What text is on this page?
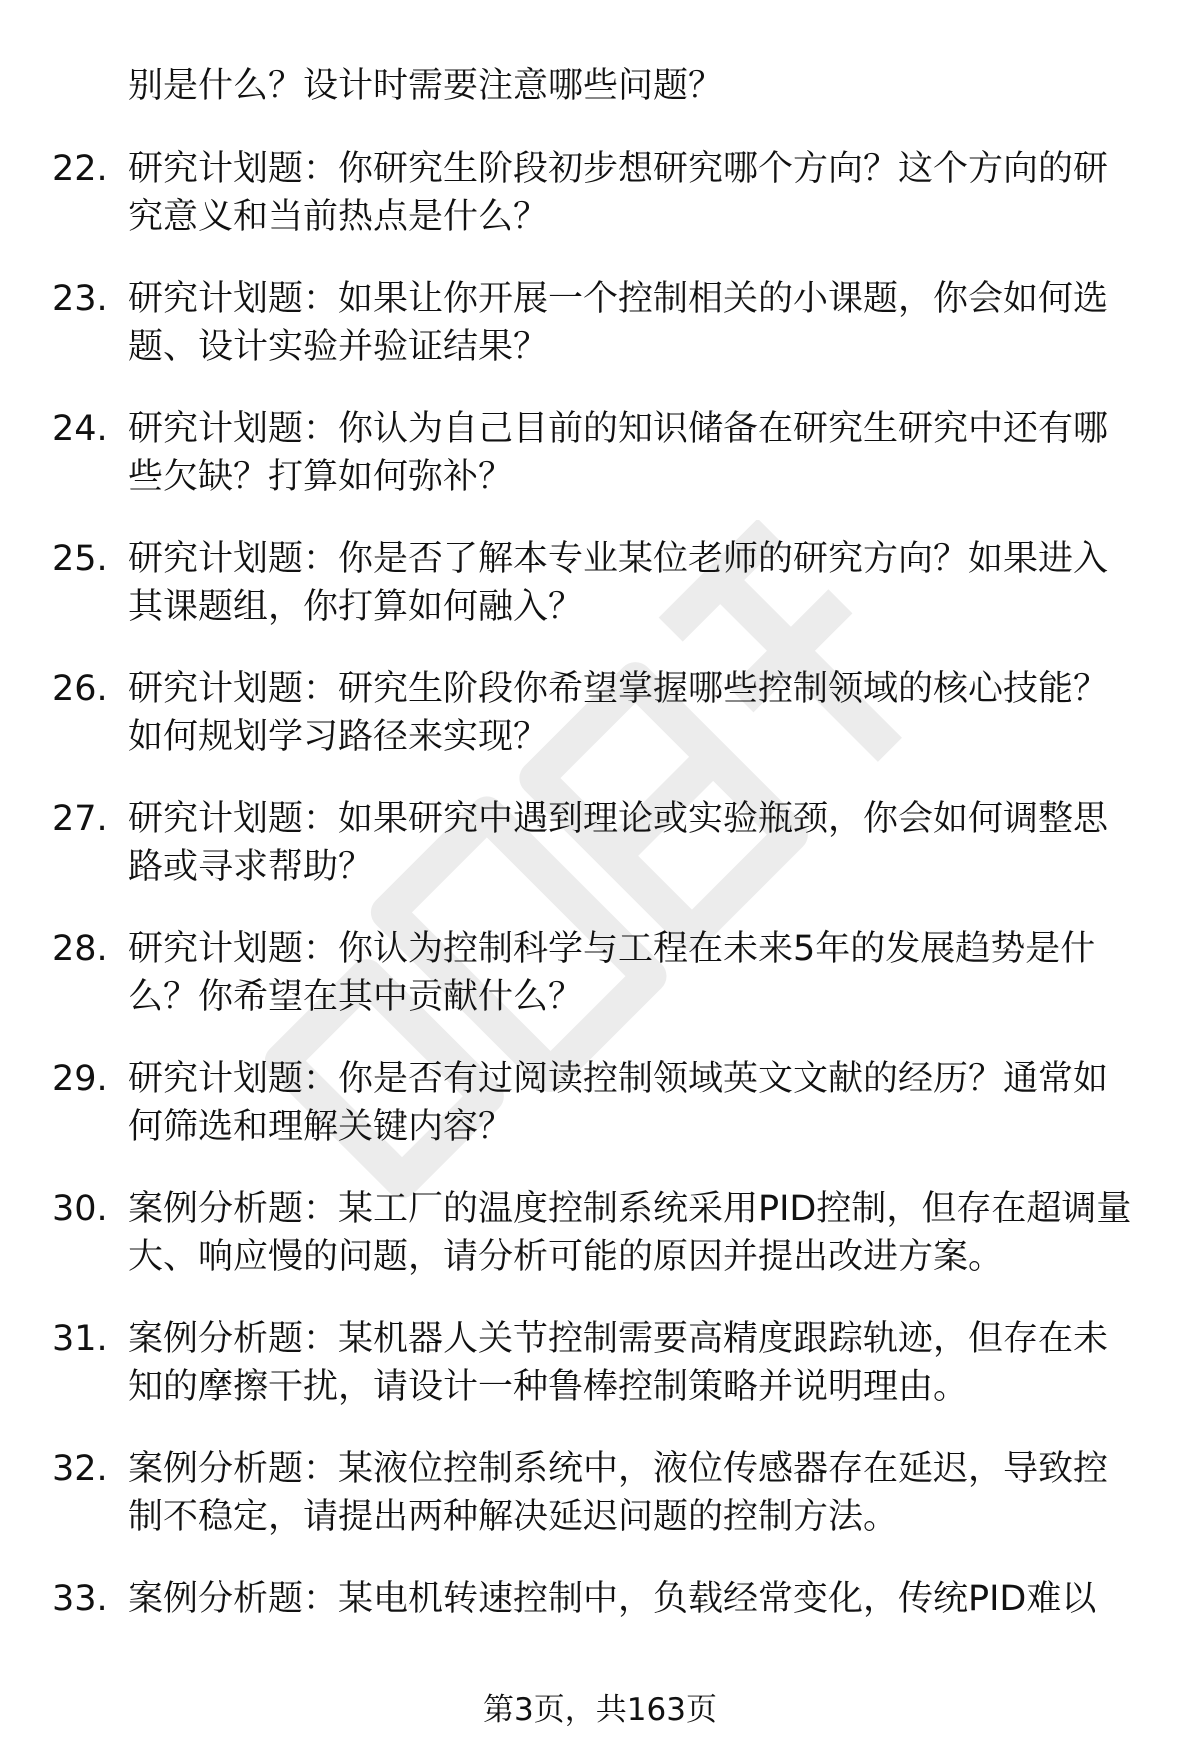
别是什么？设计时需要注意哪些问题？

22. 研究计划题：你研究生阶段初步想研究哪个方向？这个方向的研究意义和当前热点是什么？
23. 研究计划题：如果让你开展一个控制相关的小课题，你会如何选题、设计实验并验证结果？
24. 研究计划题：你认为自己目前的知识储备在研究生研究中还有哪些欠缺？打算如何弥补？
25. 研究计划题：你是否了解本专业某位老师的研究方向？如果进入其课题组，你打算如何融入？
26. 研究计划题：研究生阶段你希望掌握哪些控制领域的核心技能？如何规划学习路径来实现？
27. 研究计划题：如果研究中遇到理论或实验瓶颈，你会如何调整思路或寻求帮助？
28. 研究计划题：你认为控制科学与工程在未来5年的发展趋势是什么？你希望在其中贡献什么？
29. 研究计划题：你是否有过阅读控制领域英文文献的经历？通常如何筛选和理解关键内容？
30. 案例分析题：某工厂的温度控制系统采用PID控制，但存在超调量大、响应慢的问题，请分析可能的原因并提出改进方案。
31. 案例分析题：某机器人关节控制需要高精度跟踪轨迹，但存在未知的摩擦干扰，请设计一种鲁棒控制策略并说明理由。
32. 案例分析题：某液位控制系统中，液位传感器存在延迟，导致控制不稳定，请提出两种解决延迟问题的控制方法。
33. 案例分析题：某电机转速控制中，负载经常变化，传统PID难以
第3页，共163页
